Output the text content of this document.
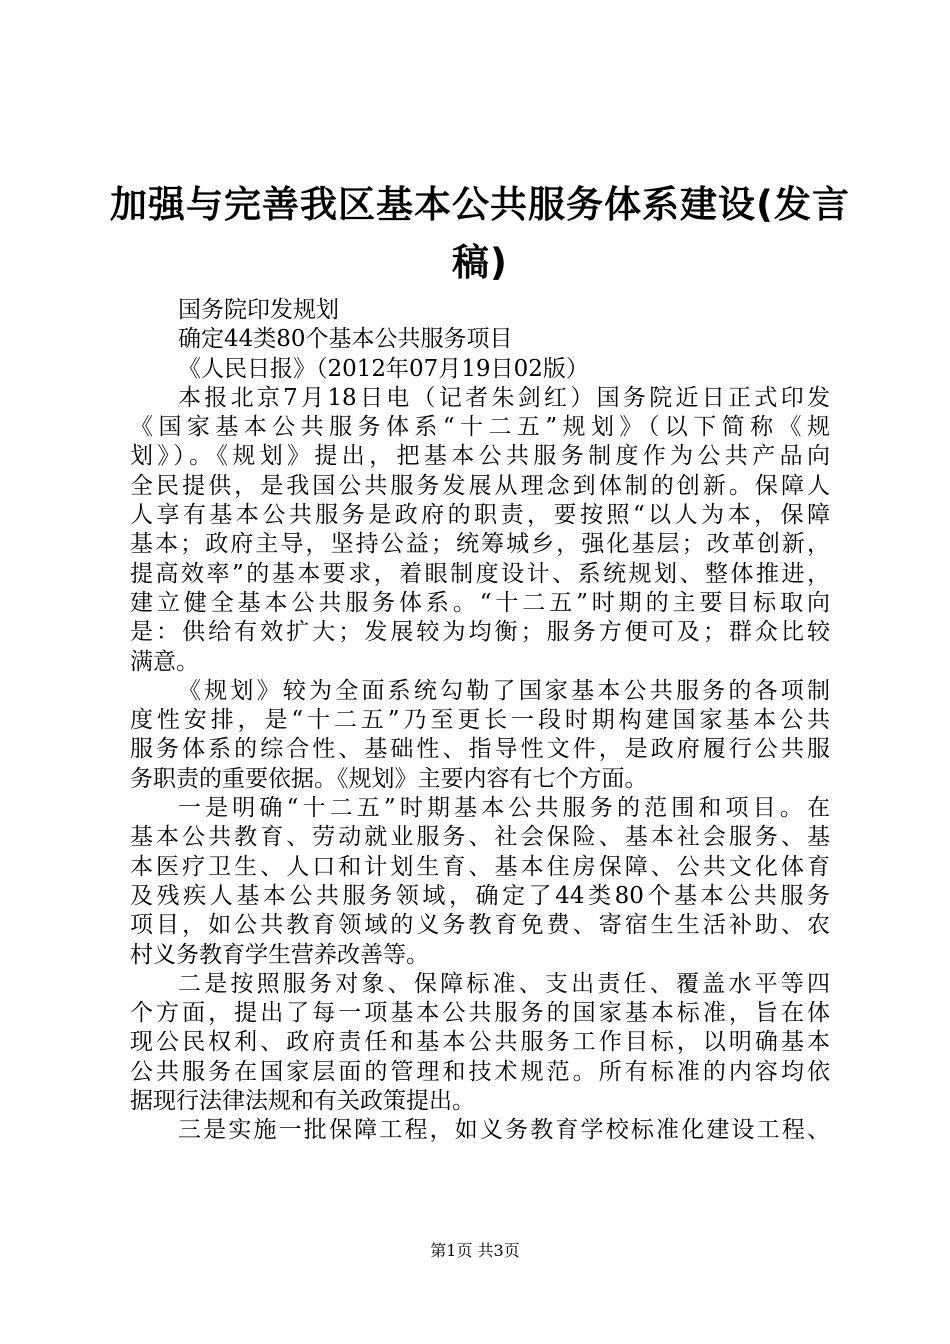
加强与完善我区基本公共服务体系建设(发言
稿)
国务院印发规划
确定44类80个基本公共服务项目
《人民日报》（2012年07月19日02版）
本报北京7月18日电（记者朱剑红）国务院近日正式印发
《国家基本公共服务体系“十二五”规划》（以下简称《规
划》）。《规划》提出，把基本公共服务制度作为公共产品向
全民提供，是我国公共服务发展从理念到体制的创新。保障人
人享有基本公共服务是政府的职责，要按照“以人为本，保障
基本；政府主导，坚持公益；统筹城乡，强化基层；改革创新，
提高效率”的基本要求，着眼制度设计、系统规划、整体推进，
建立健全基本公共服务体系。“十二五”时期的主要目标取向
是：供给有效扩大；发展较为均衡；服务方便可及；群众比较
满意。
《规划》较为全面系统勾勒了国家基本公共服务的各项制
度性安排，是“十二五”乃至更长一段时期构建国家基本公共
服务体系的综合性、基础性、指导性文件，是政府履行公共服
务职责的重要依据。《规划》主要内容有七个方面。
一是明确“十二五”时期基本公共服务的范围和项目。在
基本公共教育、劳动就业服务、社会保险、基本社会服务、基
本医疗卫生、人口和计划生育、基本住房保障、公共文化体育
及残疾人基本公共服务领域，确定了44类80个基本公共服务
项目，如公共教育领域的义务教育免费、寄宿生生活补助、农
村义务教育学生营养改善等。
二是按照服务对象、保障标准、支出责任、覆盖水平等四
个方面，提出了每一项基本公共服务的国家基本标准，旨在体
现公民权利、政府责任和基本公共服务工作目标，以明确基本
公共服务在国家层面的管理和技术规范。所有标准的内容均依
据现行法律法规和有关政策提出。
三是实施一批保障工程，如义务教育学校标准化建设工程、
第1页 共3页
